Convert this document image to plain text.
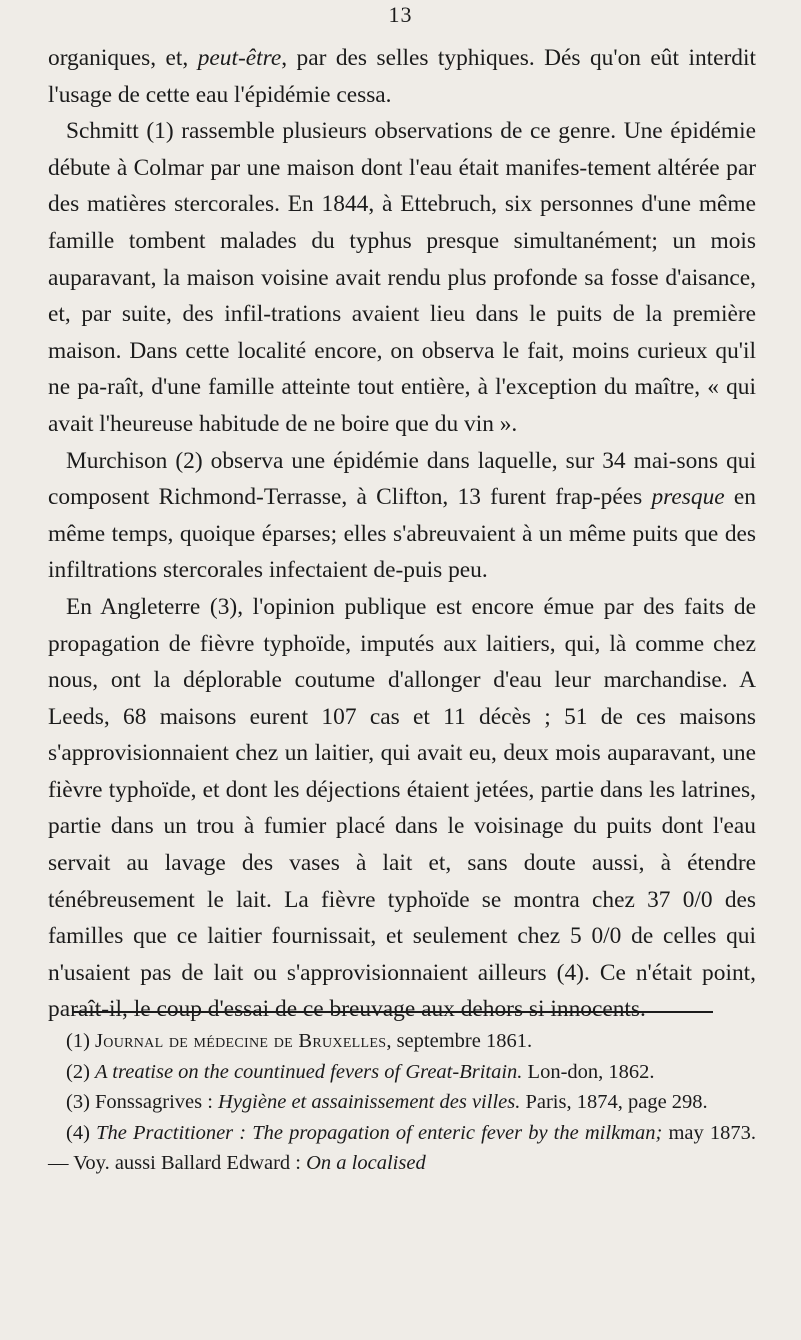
13

organiques, et, peut-être, par des selles typhiques. Dés qu'on eût interdit l'usage de cette eau l'épidémie cessa.

Schmitt (1) rassemble plusieurs observations de ce genre. Une épidémie débute à Colmar par une maison dont l'eau était manifes-tement altérée par des matières stercorales. En 1844, à Ettebruch, six personnes d'une même famille tombent malades du typhus presque simultanément; un mois auparavant, la maison voisine avait rendu plus profonde sa fosse d'aisance, et, par suite, des infil-trations avaient lieu dans le puits de la première maison. Dans cette localité encore, on observa le fait, moins curieux qu'il ne pa-raît, d'une famille atteinte tout entière, à l'exception du maître, « qui avait l'heureuse habitude de ne boire que du vin ».

Murchison (2) observa une épidémie dans laquelle, sur 34 mai-sons qui composent Richmond-Terrasse, à Clifton, 13 furent frap-pées presque en même temps, quoique éparses; elles s'abreuvaient à un même puits que des infiltrations stercorales infectaient de-puis peu.

En Angleterre (3), l'opinion publique est encore émue par des faits de propagation de fièvre typhoïde, imputés aux laitiers, qui, là comme chez nous, ont la déplorable coutume d'allonger d'eau leur marchandise. A Leeds, 68 maisons eurent 107 cas et 11 décès ; 51 de ces maisons s'approvisionnaient chez un laitier, qui avait eu, deux mois auparavant, une fièvre typhoïde, et dont les déjections étaient jetées, partie dans les latrines, partie dans un trou à fumier placé dans le voisinage du puits dont l'eau servait au lavage des vases à lait et, sans doute aussi, à étendre ténébreusement le lait. La fièvre typhoïde se montra chez 37 0/0 des familles que ce laitier fournissait, et seulement chez 5 0/0 de celles qui n'usaient pas de lait ou s'approvisionnaient ailleurs (4). Ce n'était point, paraît-il, le coup d'essai de ce breuvage aux dehors si innocents.

(1) Journal de médecine de Bruxelles, septembre 1861.

(2) A treatise on the countinued fevers of Great-Britain. Lon-don, 1862.

(3) Fonssagrives : Hygiène et assainissement des villes. Paris, 1874, page 298.

(4) The Practitioner : The propagation of enteric fever by the milkman; may 1873. — Voy. aussi Ballard Edward : On a localised
